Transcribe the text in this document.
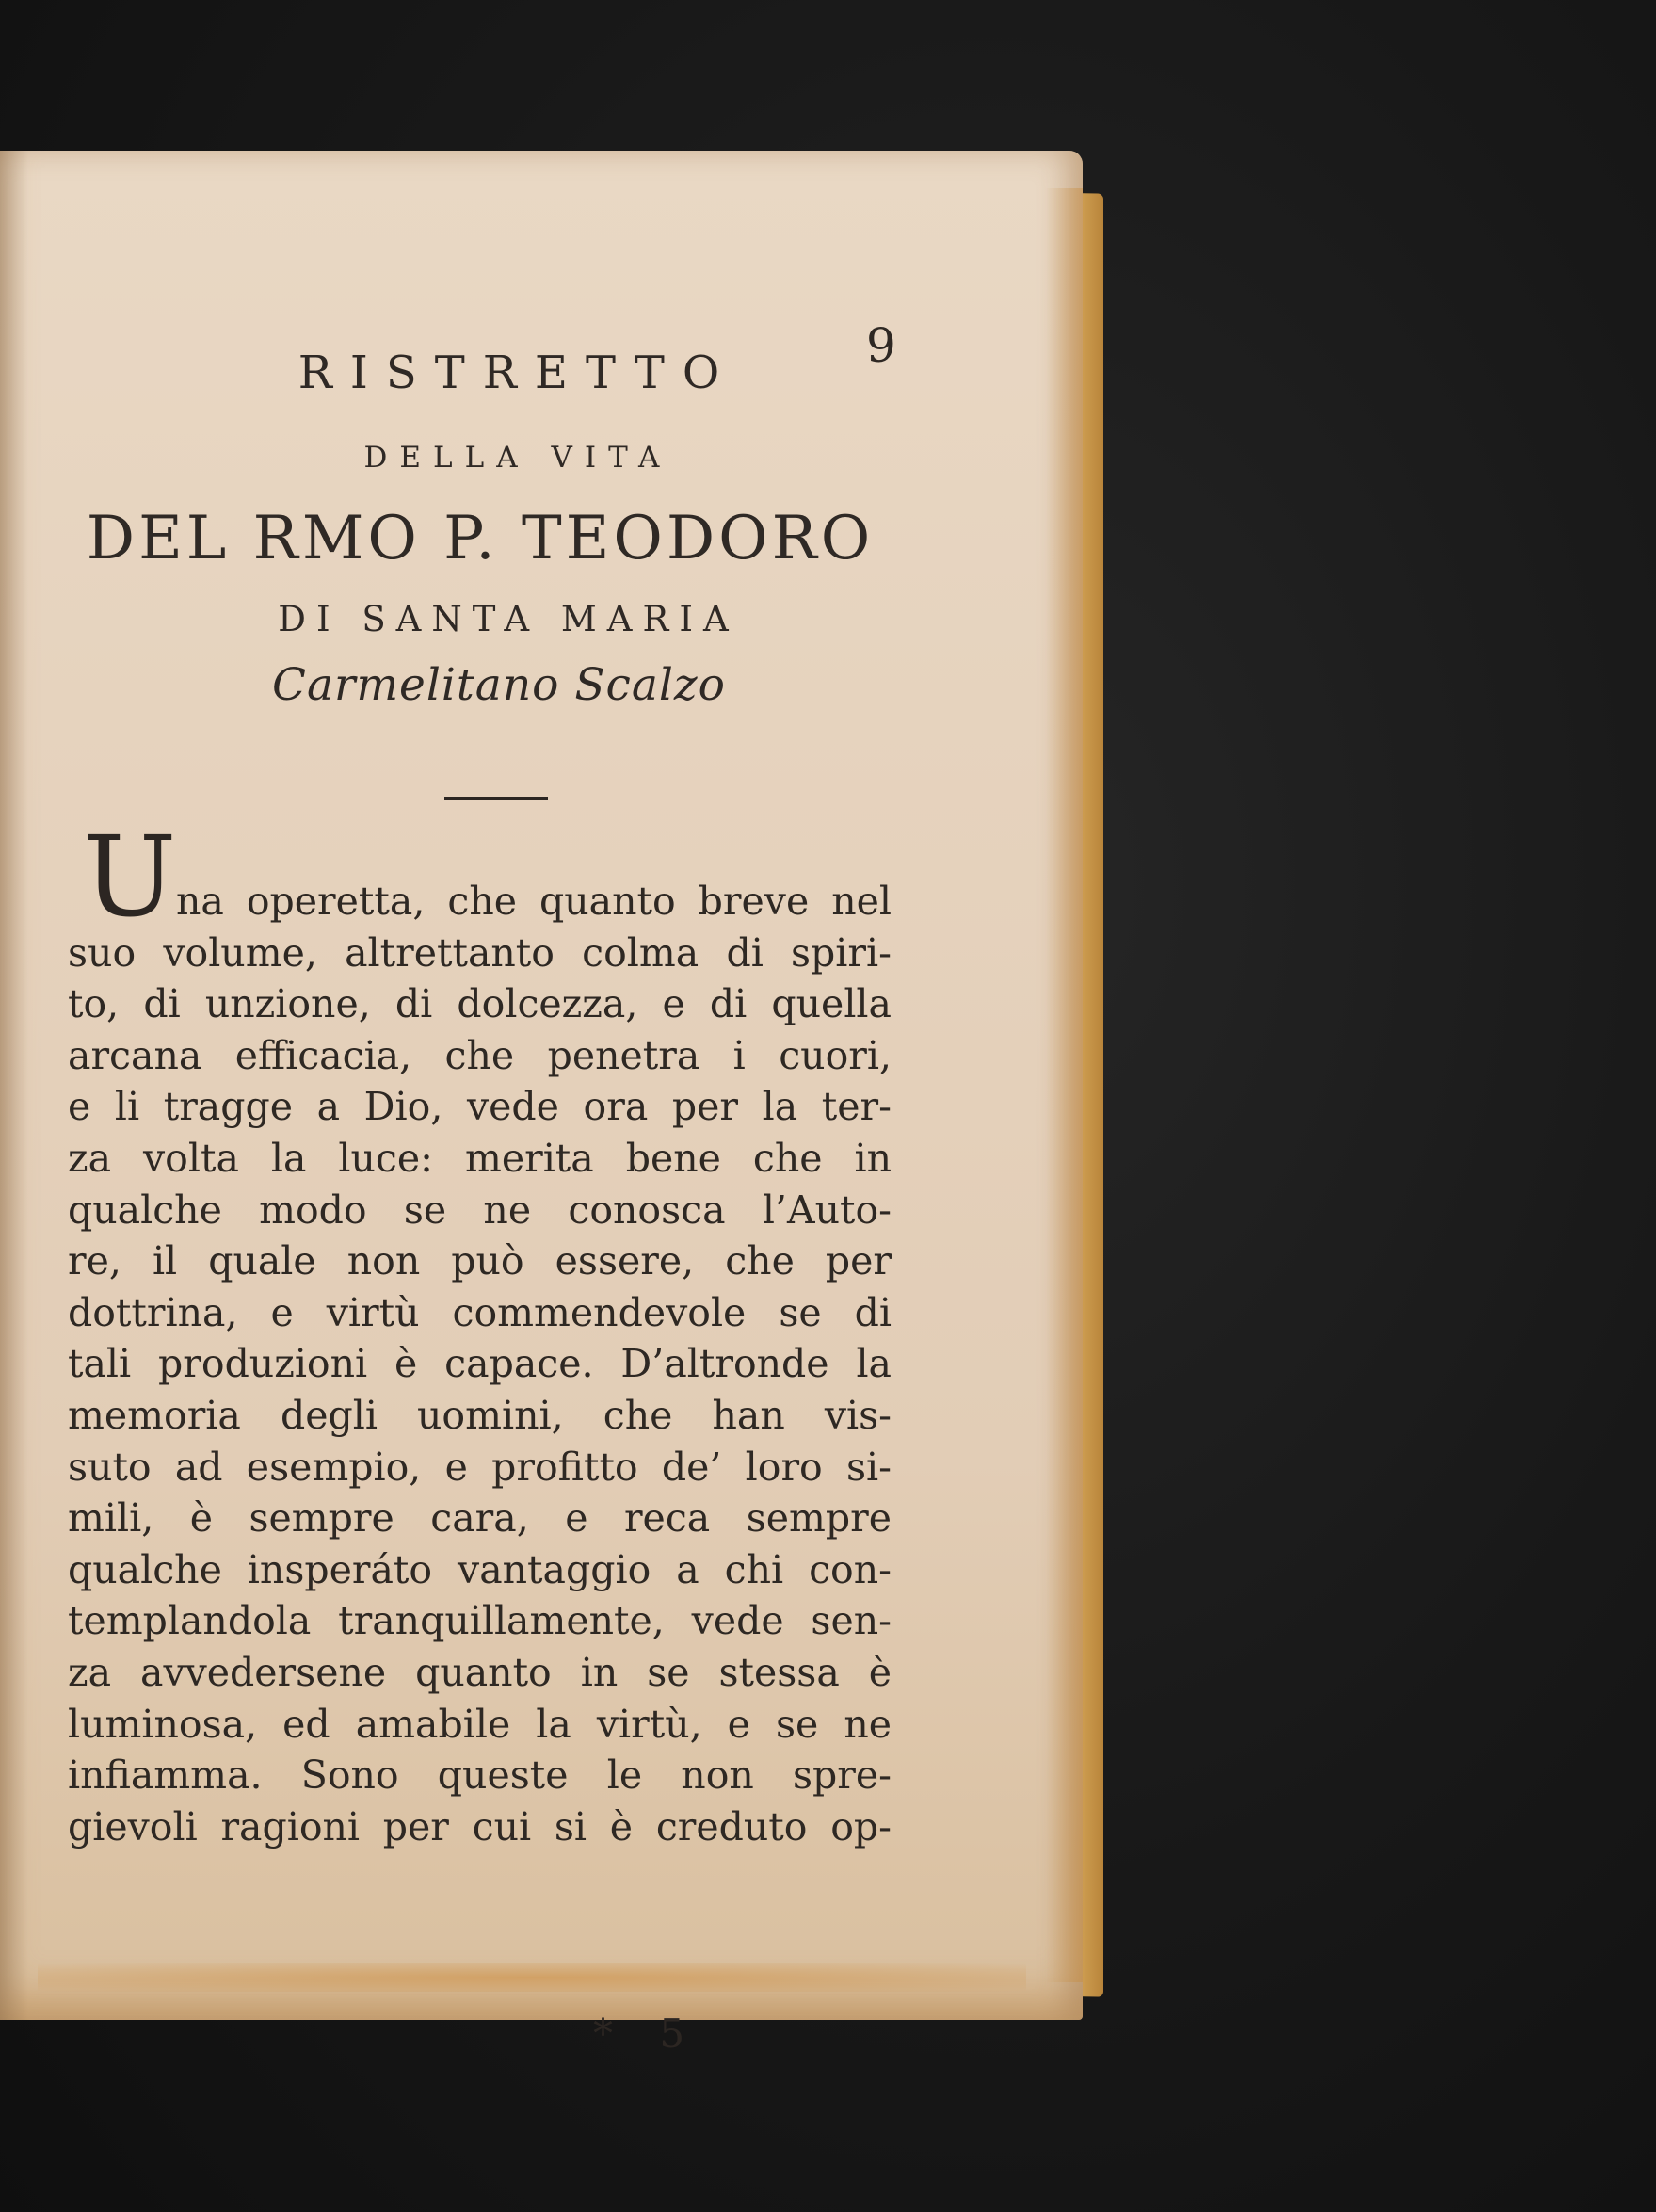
9
RISTRETTO
DELLA VITA
DEL RMO P. TEODORO
DI SANTA MARIA
Carmelitano Scalzo
U na operetta, che quanto breve nel
suo volume, altrettanto colma di spiri-
to, di unzione, di dolcezza, e di quella
arcana efficacia, che penetra i cuori,
e li tragge a Dio, vede ora per la ter-
za volta la luce: merita bene che in
qualche modo se ne conosca l’Auto-
re, il quale non può essere, che per
dottrina, e virtù commendevole se di
tali produzioni è capace. D’altronde la
memoria degli uomini, che han vis-
suto ad esempio, e profitto de’ loro si-
mili, è sempre cara, e reca sempre
qualche insperáto vantaggio a chi con-
templandola tranquillamente, vede sen-
za avvedersene quanto in se stessa è
luminosa, ed amabile la virtù, e se ne
infiamma. Sono queste le non spre-
gievoli ragioni per cui si è creduto op-
* 5
